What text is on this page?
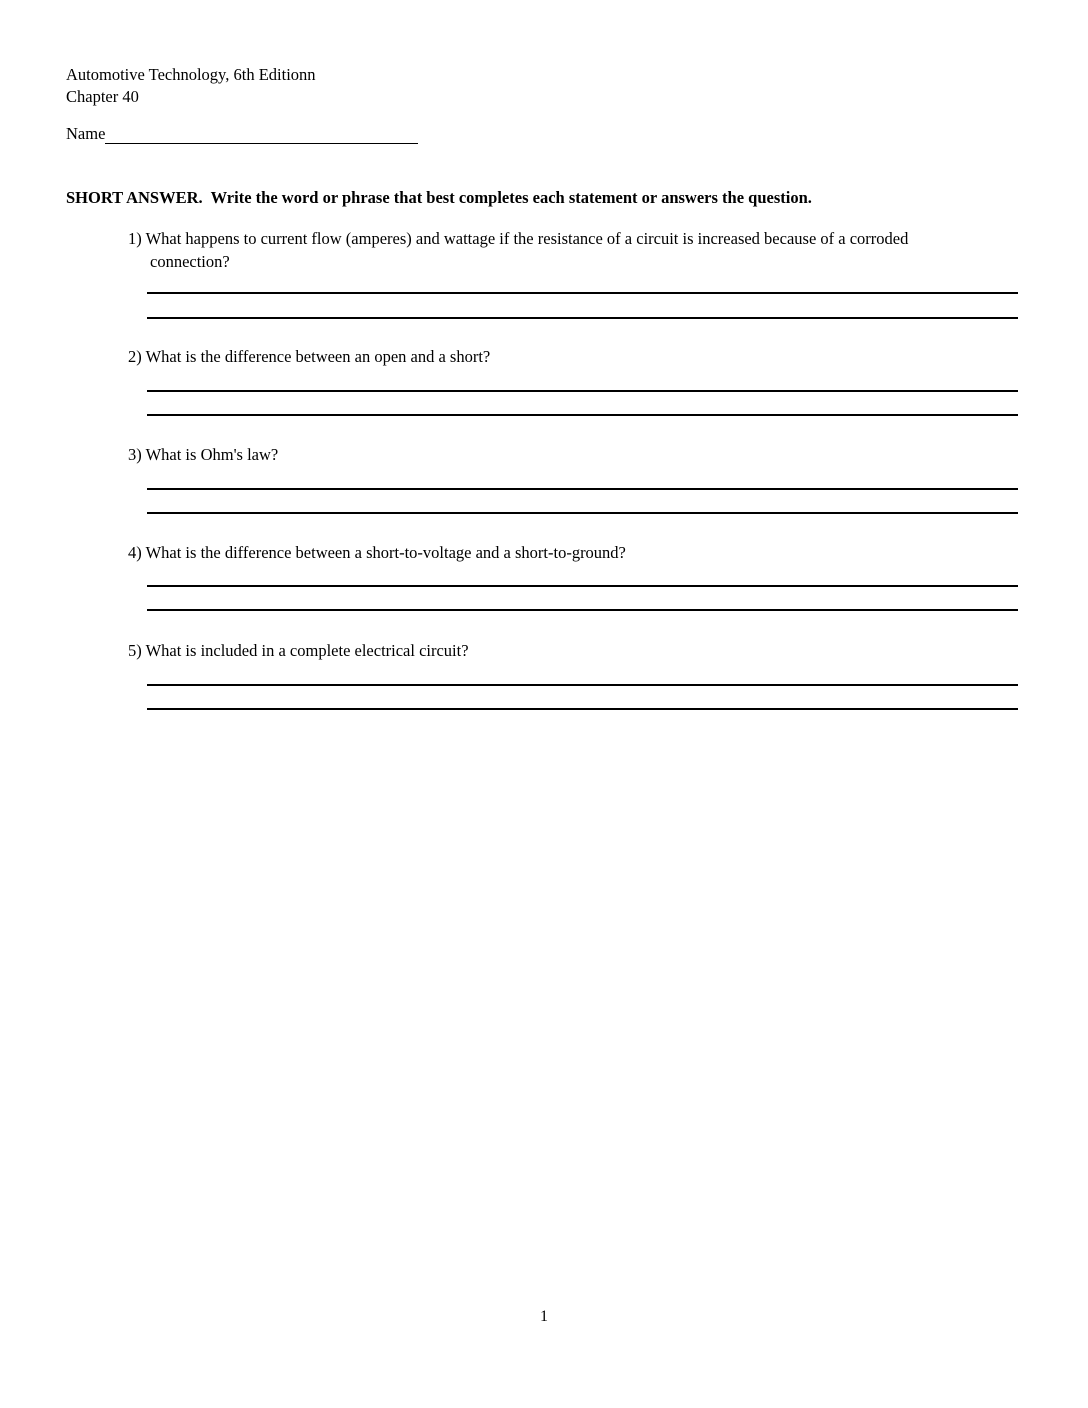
Automotive Technology, 6th Editionn
Chapter 40
Name
SHORT ANSWER.  Write the word or phrase that best completes each statement or answers the question.
1) What happens to current flow (amperes) and wattage if the resistance of a circuit is increased because of a corroded connection?
2) What is the difference between an open and a short?
3) What is Ohm's law?
4) What is the difference between a short-to-voltage and a short-to-ground?
5) What is included in a complete electrical circuit?
1
